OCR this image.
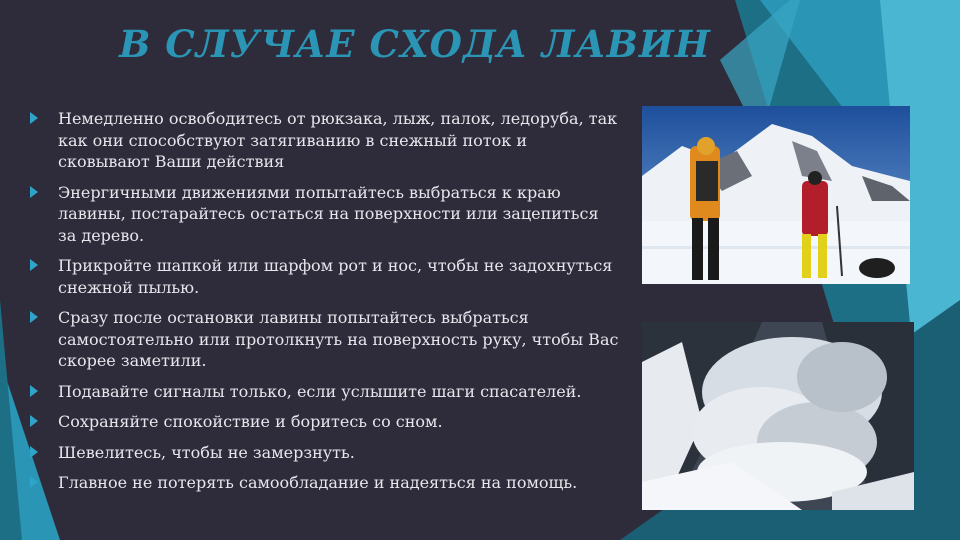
В СЛУЧАЕ СХОДА ЛАВИН
Немедленно освободитесь от рюкзака, лыж, палок, ледоруба, так как они способствуют затягиванию в снежный поток и сковывают Ваши действия
Энергичными движениями попытайтесь выбраться к краю лавины, постарайтесь остаться на поверхности или зацепиться за дерево.
Прикройте шапкой или шарфом рот и нос, чтобы не задохнуться снежной пылью.
Сразу после остановки лавины попытайтесь выбраться самостоятельно или протолкнуть на поверхность руку, чтобы Вас скорее заметили.
Подавайте сигналы только, если услышите шаги спасателей.
Сохраняйте спокойствие и боритесь со сном.
Шевелитесь, чтобы не замерзнуть.
Главное не потерять самообладание и надеяться на помощь.
